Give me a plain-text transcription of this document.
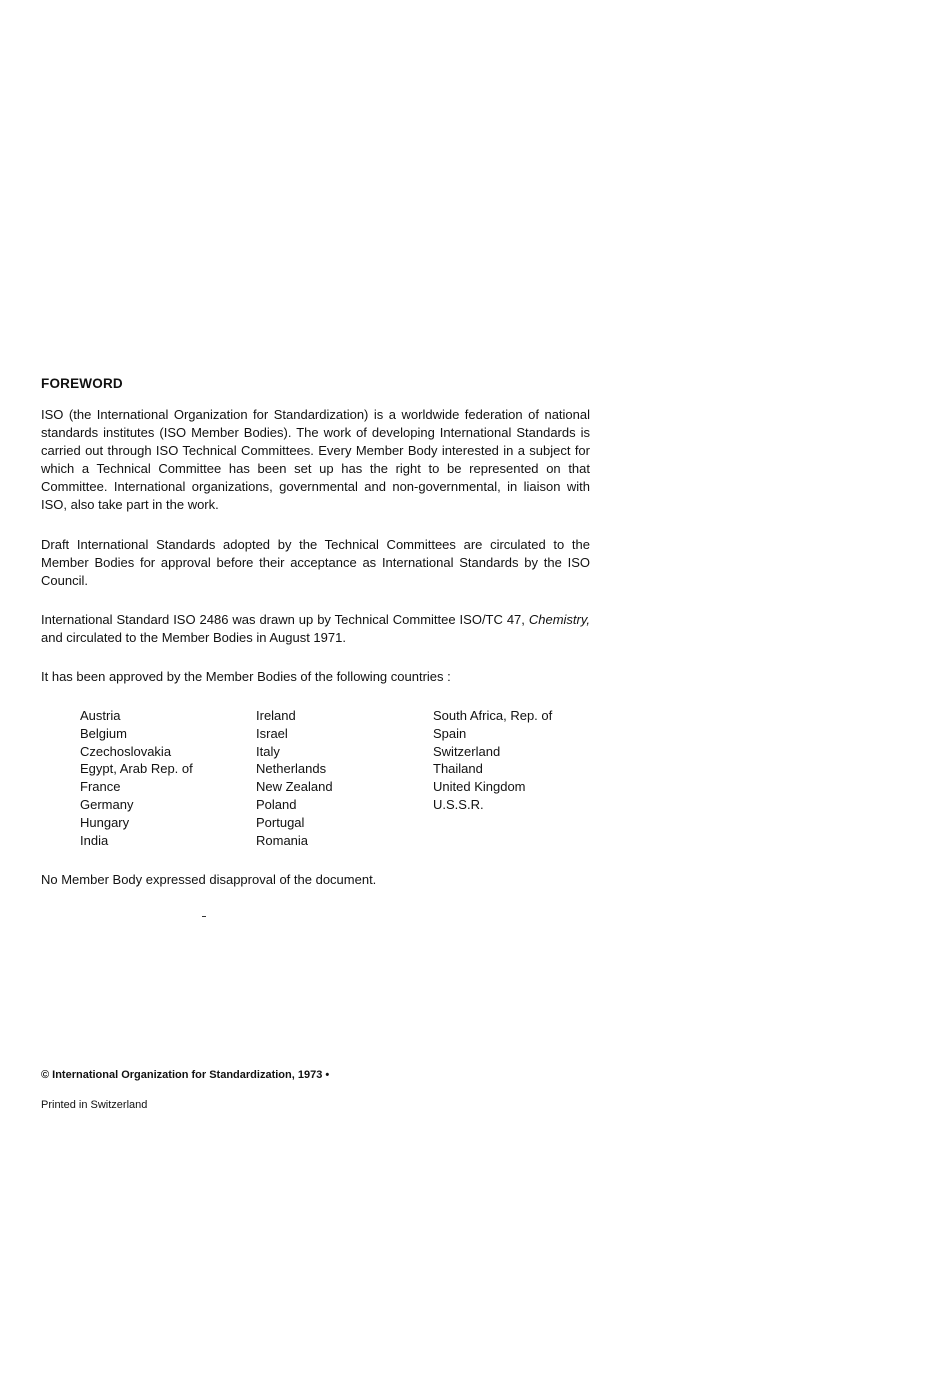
FOREWORD
ISO (the International Organization for Standardization) is a worldwide federation of national standards institutes (ISO Member Bodies). The work of developing International Standards is carried out through ISO Technical Committees. Every Member Body interested in a subject for which a Technical Committee has been set up has the right to be represented on that Committee. International organizations, governmental and non-governmental, in liaison with ISO, also take part in the work.
Draft International Standards adopted by the Technical Committees are circulated to the Member Bodies for approval before their acceptance as International Standards by the ISO Council.
International Standard ISO 2486 was drawn up by Technical Committee ISO/TC 47, Chemistry, and circulated to the Member Bodies in August 1971.
It has been approved by the Member Bodies of the following countries :
Austria
Belgium
Czechoslovakia
Egypt, Arab Rep. of
France
Germany
Hungary
India
Ireland
Israel
Italy
Netherlands
New Zealand
Poland
Portugal
Romania
South Africa, Rep. of
Spain
Switzerland
Thailand
United Kingdom
U.S.S.R.
No Member Body expressed disapproval of the document.
© International Organization for Standardization, 1973 •
Printed in Switzerland
